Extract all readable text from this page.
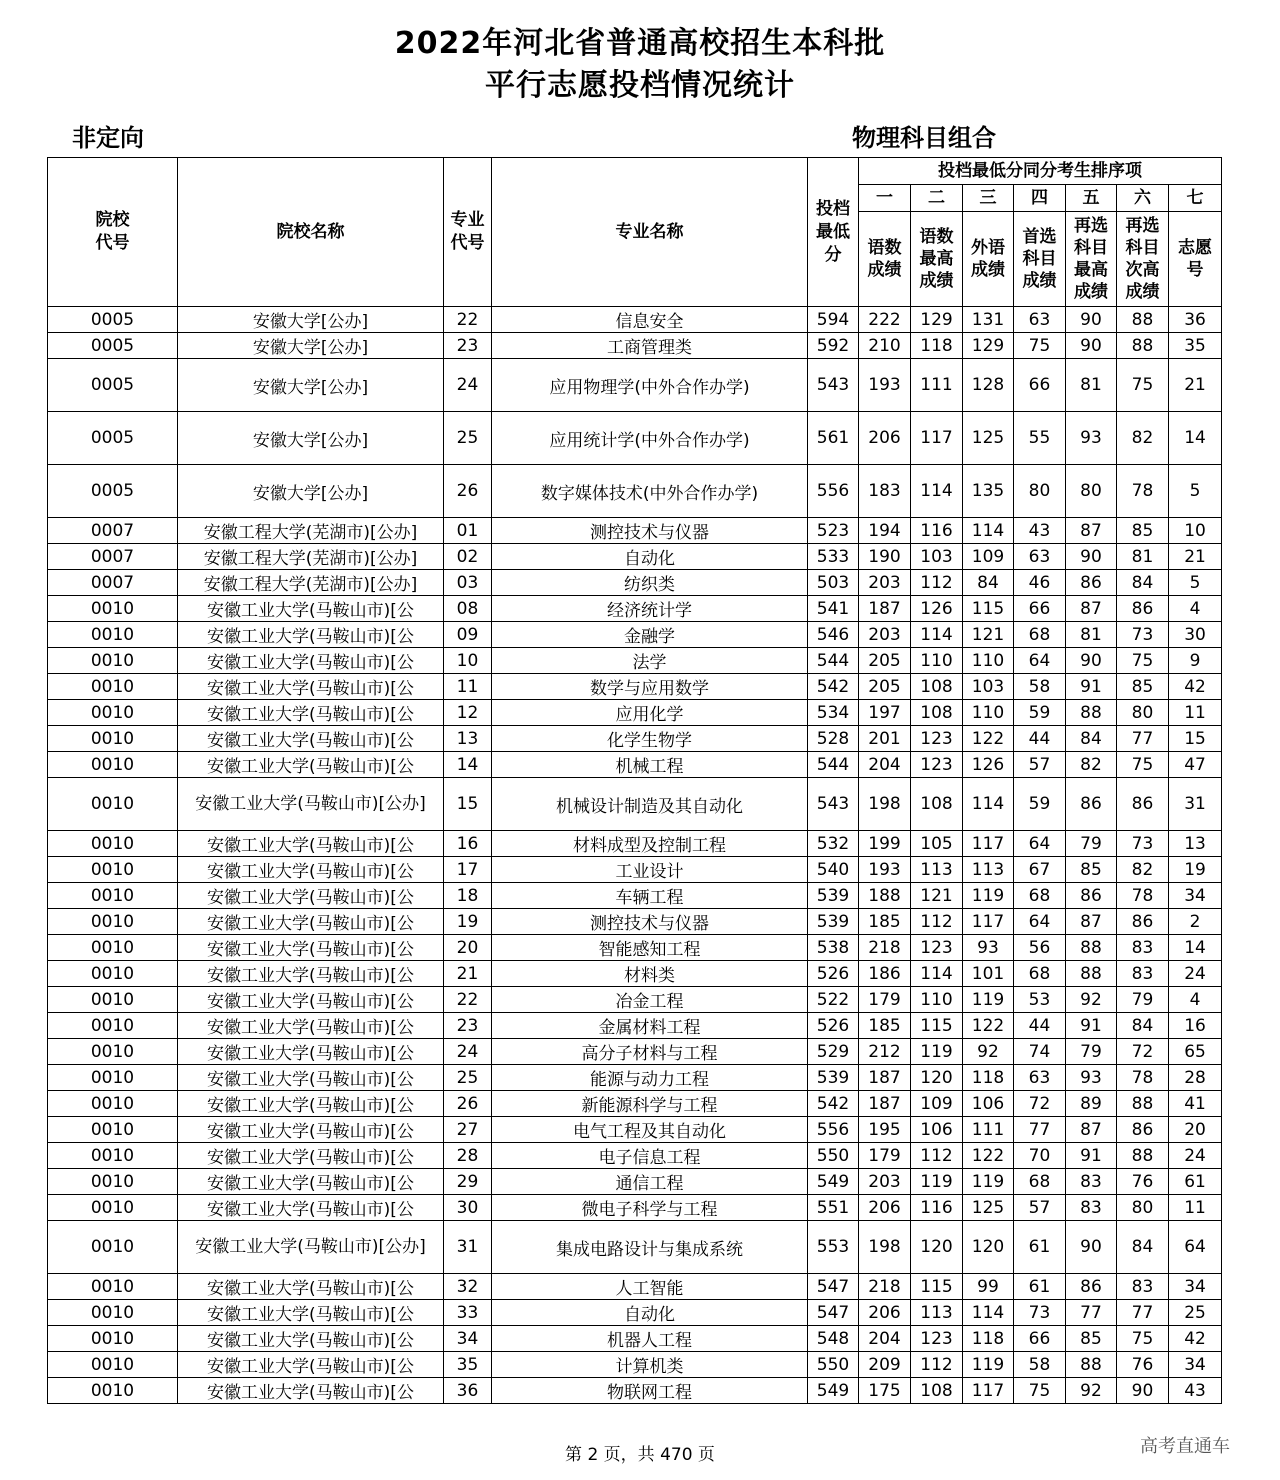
2022年河北省普通高校招生本科批
平行志愿投档情况统计
非定向	物理科目组合
院校代号	院校名称	专业代号	专业名称	投档最低分	投档最低分同分考生排序项						
					一	二	三	四	五	六	七

					语数成绩	语数最高成绩	外语成绩	首选科目成绩	再选科目最高成绩	再选科目次高成绩	志愿号

0005	安徽大学[公办]	22	信息安全	594	222	129	131	63	90	88	36
0005	安徽大学[公办]	23	工商管理类	592	210	118	129	75	90	88	35
0005	安徽大学[公办]	24	应用物理学(中外合作办学)	543	193	111	128	66	81	75	21
0005	安徽大学[公办]	25	应用统计学(中外合作办学)	561	206	117	125	55	93	82	14
0005	安徽大学[公办]	26	数字媒体技术(中外合作办学)	556	183	114	135	80	80	78	5
0007	安徽工程大学(芜湖市)[公办]	01	测控技术与仪器	523	194	116	114	43	87	85	10
0007	安徽工程大学(芜湖市)[公办]	02	自动化	533	190	103	109	63	90	81	21
0007	安徽工程大学(芜湖市)[公办]	03	纺织类	503	203	112	84	46	86	84	5
0010	安徽工业大学(马鞍山市)[公	08	经济统计学	541	187	126	115	66	87	86	4
0010	安徽工业大学(马鞍山市)[公	09	金融学	546	203	114	121	68	81	73	30
0010	安徽工业大学(马鞍山市)[公	10	法学	544	205	110	110	64	90	75	9
0010	安徽工业大学(马鞍山市)[公	11	数学与应用数学	542	205	108	103	58	91	85	42
0010	安徽工业大学(马鞍山市)[公	12	应用化学	534	197	108	110	59	88	80	11
0010	安徽工业大学(马鞍山市)[公	13	化学生物学	528	201	123	122	44	84	77	15
0010	安徽工业大学(马鞍山市)[公	14	机械工程	544	204	123	126	57	82	75	47
0010	安徽工业大学(马鞍山市)[公办]	15	机械设计制造及其自动化	543	198	108	114	59	86	86	31
0010	安徽工业大学(马鞍山市)[公	16	材料成型及控制工程	532	199	105	117	64	79	73	13
0010	安徽工业大学(马鞍山市)[公	17	工业设计	540	193	113	113	67	85	82	19
0010	安徽工业大学(马鞍山市)[公	18	车辆工程	539	188	121	119	68	86	78	34
0010	安徽工业大学(马鞍山市)[公	19	测控技术与仪器	539	185	112	117	64	87	86	2
0010	安徽工业大学(马鞍山市)[公	20	智能感知工程	538	218	123	93	56	88	83	14
0010	安徽工业大学(马鞍山市)[公	21	材料类	526	186	114	101	68	88	83	24
0010	安徽工业大学(马鞍山市)[公	22	冶金工程	522	179	110	119	53	92	79	4
0010	安徽工业大学(马鞍山市)[公	23	金属材料工程	526	185	115	122	44	91	84	16
0010	安徽工业大学(马鞍山市)[公	24	高分子材料与工程	529	212	119	92	74	79	72	65
0010	安徽工业大学(马鞍山市)[公	25	能源与动力工程	539	187	120	118	63	93	78	28
0010	安徽工业大学(马鞍山市)[公	26	新能源科学与工程	542	187	109	106	72	89	88	41
0010	安徽工业大学(马鞍山市)[公	27	电气工程及其自动化	556	195	106	111	77	87	86	20
0010	安徽工业大学(马鞍山市)[公	28	电子信息工程	550	179	112	122	70	91	88	24
0010	安徽工业大学(马鞍山市)[公	29	通信工程	549	203	119	119	68	83	76	61
0010	安徽工业大学(马鞍山市)[公	30	微电子科学与工程	551	206	116	125	57	83	80	11
0010	安徽工业大学(马鞍山市)[公办]	31	集成电路设计与集成系统	553	198	120	120	61	90	84	64
0010	安徽工业大学(马鞍山市)[公	32	人工智能	547	218	115	99	61	86	83	34
0010	安徽工业大学(马鞍山市)[公	33	自动化	547	206	113	114	73	77	77	25
0010	安徽工业大学(马鞍山市)[公	34	机器人工程	548	204	123	118	66	85	75	42
0010	安徽工业大学(马鞍山市)[公	35	计算机类	550	209	112	119	58	88	76	34
0010	安徽工业大学(马鞍山市)[公	36	物联网工程	549	175	108	117	75	92	90	43
第 2 页，共 470 页	高考直通车
